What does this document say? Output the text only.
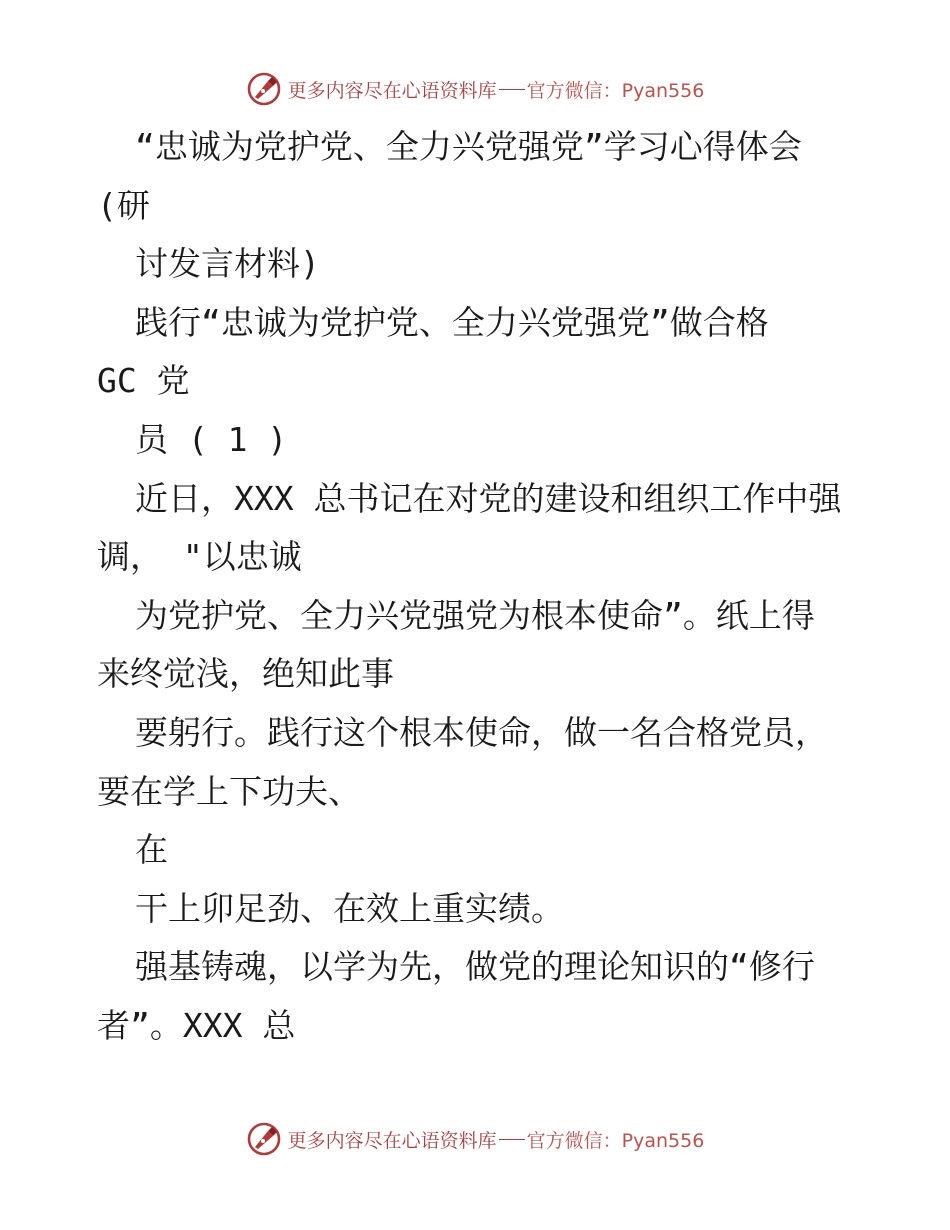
更多内容尽在心语资料库 官方微信：Pyan556
“忠诚为党护党、全力兴党强党”学习心得体会
(研
讨发言材料)
践行“忠诚为党护党、全力兴党强党”做合格
GC 党
员 ( 1 )
近日，XXX 总书记在对党的建设和组织工作中强
调， "以忠诚
为党护党、全力兴党强党为根本使命”。纸上得
来终觉浅，绝知此事
要躬行。践行这个根本使命，做一名合格党员，
要在学上下功夫、
在
干上卯足劲、在效上重实绩。
强基铸魂，以学为先，做党的理论知识的“修行
者”。XXX 总
更多内容尽在心语资料库 官方微信：Pyan556
